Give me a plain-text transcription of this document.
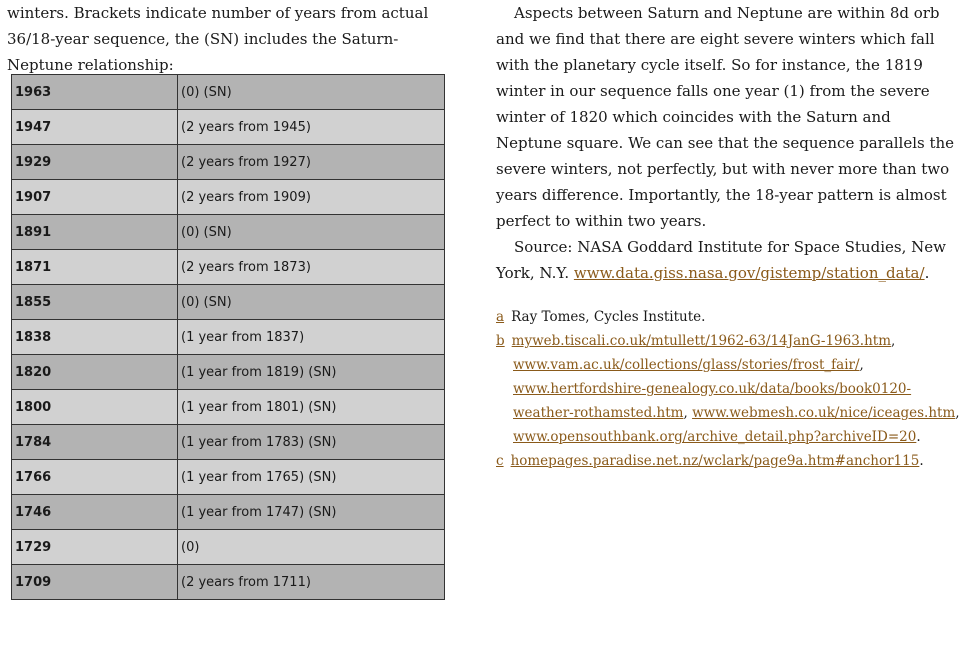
winters. Brackets indicate number of years from actual 36/18-year sequence, the (SN) includes the Saturn-Neptune relationship:

1963	(0) (SN)
1947	(2 years from 1945)
1929	(2 years from 1927)
1907	(2 years from 1909)
1891	(0) (SN)
1871	(2 years from 1873)
1855	(0) (SN)
1838	(1 year from 1837)
1820	(1 year from 1819) (SN)
1800	(1 year from 1801) (SN)
1784	(1 year from 1783) (SN)
1766	(1 year from 1765) (SN)
1746	(1 year from 1747) (SN)
1729	(0)
1709	(2 years from 1711)

Aspects between Saturn and Neptune are within 8d orb and we find that there are eight severe winters which fall with the planetary cycle itself. So for instance, the 1819 winter in our sequence falls one year (1) from the severe winter of 1820 which coincides with the Saturn and Neptune square. We can see that the sequence parallels the severe winters, not perfectly, but with never more than two years difference. Importantly, the 18-year pattern is almost perfect to within two years.

Source: NASA Goddard Institute for Space Studies, New York, N.Y. www.data.giss.nasa.gov/gistemp/station_data/.

a Ray Tomes, Cycles Institute.

b myweb.tiscali.co.uk/mtullett/1962-63/14JanG-1963.htm,

www.vam.ac.uk/collections/glass/stories/frost_fair/,

www.hertfordshire-genealogy.co.uk/data/books/book0120-

weather-rothamsted.htm, www.webmesh.co.uk/nice/iceages.htm,

www.opensouthbank.org/archive_detail.php?archiveID=20.

c homepages.paradise.net.nz/wclark/page9a.htm#anchor115.
